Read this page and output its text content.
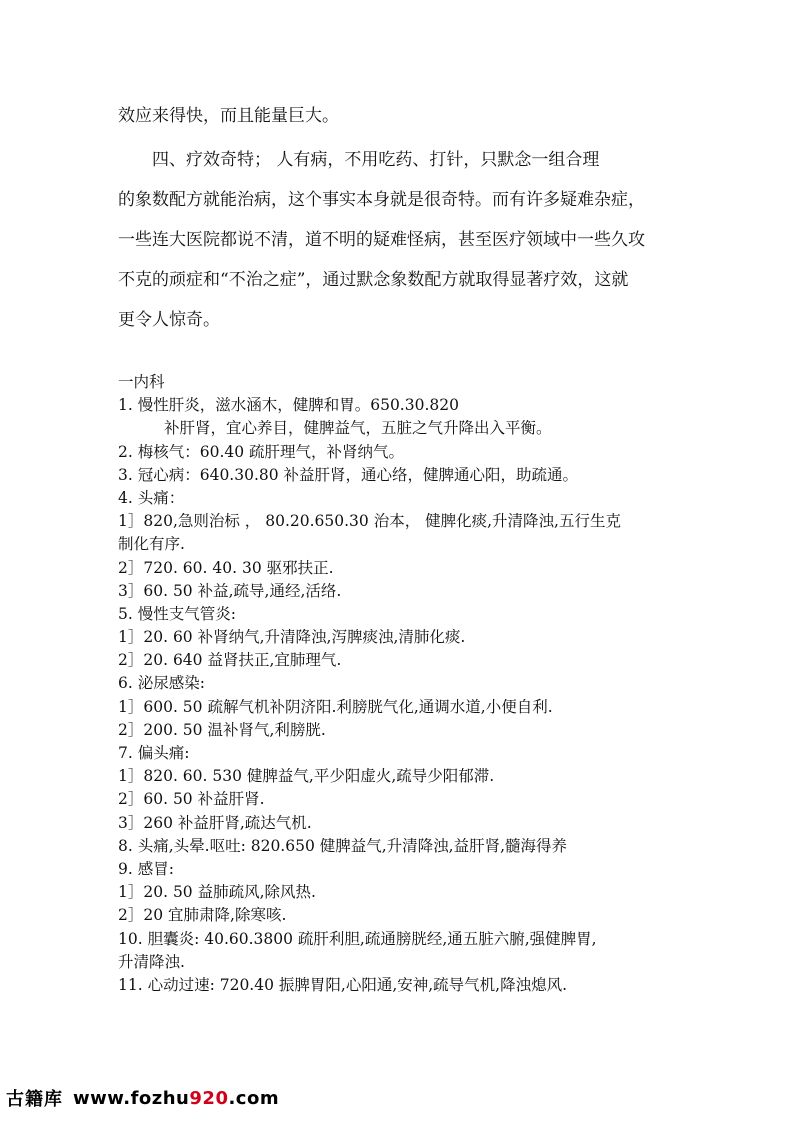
效应来得快，而且能量巨大。

　　四、疗效奇特； 人有病，不用吃药、打针，只默念一组合理
的象数配方就能治病，这个事实本身就是很奇特。而有许多疑难杂症，
一些连大医院都说不清，道不明的疑难怪病，甚至医疗领域中一些久攻
不克的顽症和“不治之症”，通过默念象数配方就取得显著疗效，这就
更令人惊奇。

一内科
1. 慢性肝炎，滋水涵木，健脾和胃。650.30.820
补肝肾，宜心养目，健脾益气，五脏之气升降出入平衡。
2. 梅核气：60.40 疏肝理气，补肾纳气。
3. 冠心病：640.30.80 补益肝肾，通心络，健脾通心阳，助疏通。
4. 头痛：
1］820,急则治标 ， 80.20.650.30 治本， 健脾化痰,升清降浊,五行生克
制化有序.
2］720. 60. 40. 30 驱邪扶正.
3］60. 50 补益,疏导,通经,活络.
5. 慢性支气管炎:
1］20. 60 补肾纳气,升清降浊,泻脾痰浊,清肺化痰.
2］20. 640 益肾扶正,宜肺理气.
6. 泌尿感染:
1］600. 50 疏解气机补阴济阳.利膀胱气化,通调水道,小便自利.
2］200. 50 温补肾气,利膀胱.
7. 偏头痛:
1］820. 60. 530 健脾益气,平少阳虚火,疏导少阳郁滞.
2］60. 50 补益肝肾.
3］260 补益肝肾,疏达气机.
8. 头痛,头晕.呕吐: 820.650 健脾益气,升清降浊,益肝肾,髓海得养
9. 感冒:
1］20. 50 益肺疏风,除风热.
2］20 宜肺肃降,除寒咳.
10. 胆囊炎: 40.60.3800 疏肝利胆,疏通膀胱经,通五脏六腑,强健脾胃,
升清降浊.
11. 心动过速: 720.40 振脾胃阳,心阳通,安神,疏导气机,降浊熄风.
古籍库 www.fozhu920.com
